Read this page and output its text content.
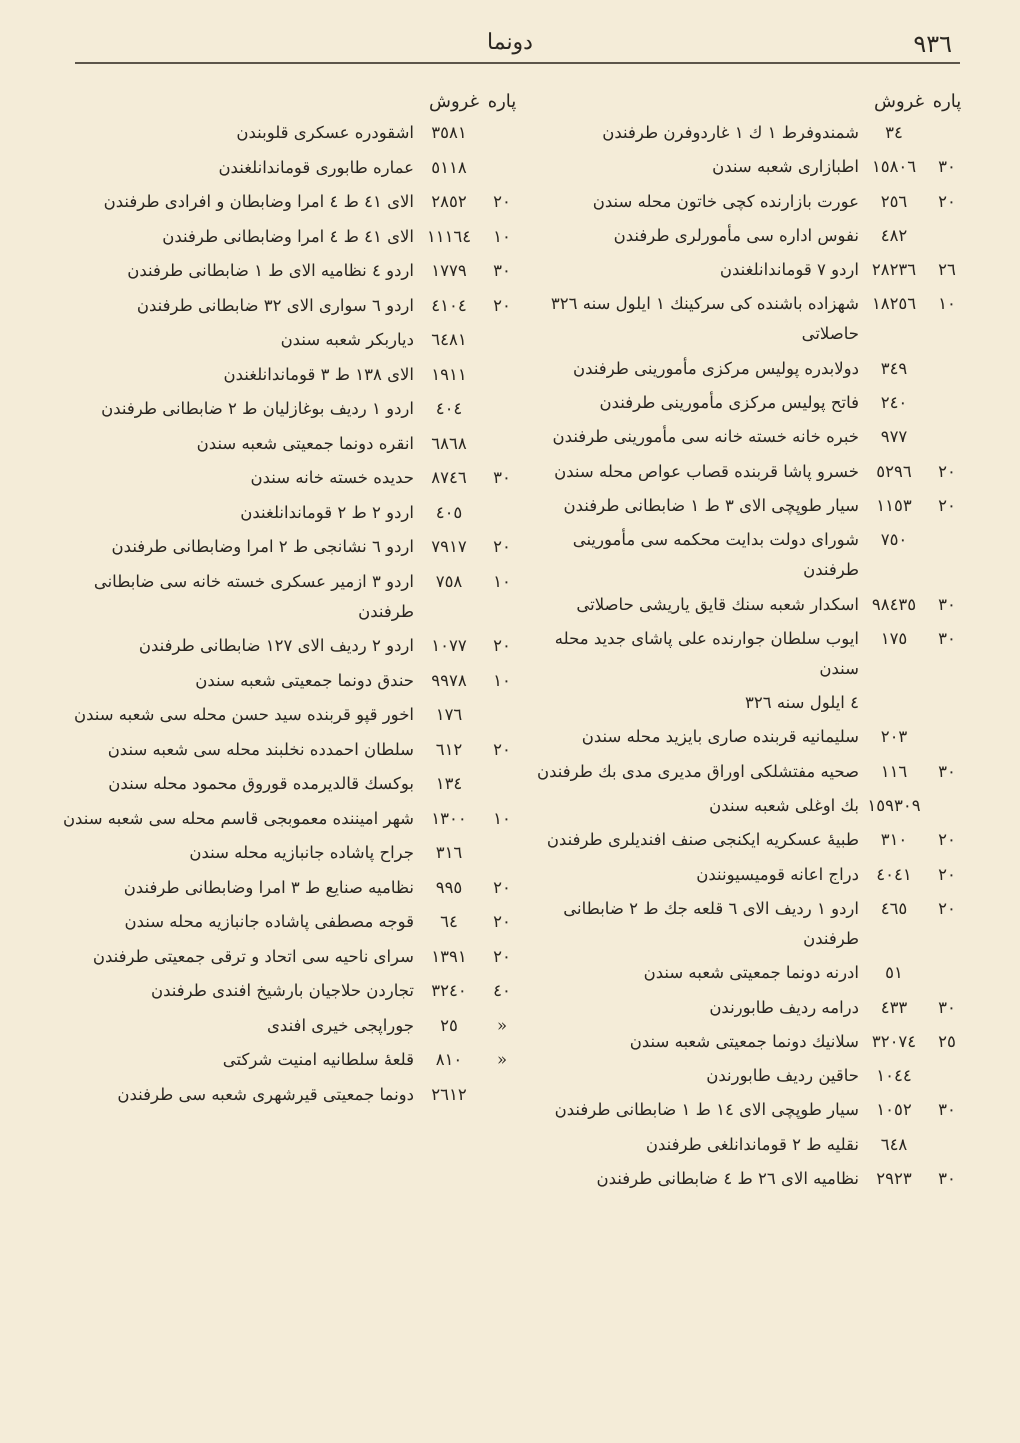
٩٣٦
دونما
پاره
غروش
٣٤
شمندوفرط ۱ ك ۱ غاردوفرن طرفندن
٣٠
١٥٨٠٦
اطبازاری شعبه سندن
٢٠
٢٥٦
عورت بازارنده کچی خاتون محله سندن
٤٨٢
نفوس اداره سی مأمورلری طرفندن
٢٦
٢٨٢٣٦
اردو ۷ قوماندانلغندن
١٠
١٨٢٥٦
شهزاده باشنده کی سرکینك ۱ ایلول سنه ۳۲٦ حاصلاتی
٣٤٩
دولابدره پولیس مرکزی مأمورینی طرفندن
٢٤٠
فاتح پولیس مرکزی مأمورینی طرفندن
٩٧٧
خبره خانه خسته خانه سی مأمورینی طرفندن
٢٠
٥٢٩٦
خسرو پاشا قربنده قصاب عواص محله سندن
٢٠
١١٥٣
سیار طوپچی الای ۳ ط ۱ ضابطانی طرفندن
٧٥٠
شورای دولت بدایت محکمه سی مأمورینی طرفندن
٣٠
٩٨٤٣٥
اسکدار شعبه سنك قایق یاریشی حاصلاتی
٣٠
١٧٥
ایوب سلطان جوارنده علی پاشای جدید محله سندن
٤ ایلول سنه ٣٢٦
٢٠٣
سلیمانیه قربنده صاری بایزید محله سندن
٣٠
١١٦
صحیه مفتشلکی اوراق مدیری مدی بك طرفندن
١٥٩٣٠٩
بك اوغلی شعبه سندن
٢٠
٣١٠
طبیهٔ عسکریه ایکنجی صنف افندیلری طرفندن
٢٠
٤٠٤١
دراج اعانه قومیسیونندن
٢٠
٤٦٥
اردو ۱ ردیف الای ٦ قلعه جك ط ۲ ضابطانی طرفندن
٥١
ادرنه دونما جمعیتی شعبه سندن
٣٠
٤٣٣
درامه ردیف طابورندن
٢٥
٣٢٠٧٤
سلانیك دونما جمعیتی شعبه سندن
١٠٤٤
حاقین ردیف طابورندن
٣٠
١٠٥٢
سیار طوپچی الای ١٤ ط ۱ ضابطانی طرفندن
٦٤٨
نقلیه ط ۲ قوماندانلغی طرفندن
٣٠
٢٩٢٣
نظامیه الای ٢٦ ط ٤ ضابطانی طرفندن
پاره
غروش
٣٥٨١
اشقودره عسکری قلوبندن
٥١١٨
عماره طابوری قوماندانلغندن
٢٠
٢٨٥٢
الای ٤١ ط ٤ امرا وضابطان و افرادی طرفندن
١٠
١١١٦٤
الای ٤١ ط ٤ امرا وضابطانی طرفندن
٣٠
١٧٧٩
اردو ٤ نظامیه الای ط ۱ ضابطانی طرفندن
٢٠
٤١٠٤
اردو ٦ سواری الای ٣٢ ضابطانی طرفندن
٦٤٨١
دیاربکر شعبه سندن
١٩١١
الای ١٣٨ ط ٣ قوماندانلغندن
٤٠٤
اردو ۱ ردیف بوغازلیان ط ۲ ضابطانی طرفندن
٦٨٦٨
انقره دونما جمعیتی شعبه سندن
٣٠
٨٧٤٦
حدیده خسته خانه سندن
٤٠٥
اردو ۲ ط ۲ قوماندانلغندن
٢٠
٧٩١٧
اردو ٦ نشانجی ط ۲ امرا وضابطانی طرفندن
١٠
٧٥٨
اردو ۳ ازمیر عسکری خسته خانه سی ضابطانی طرفندن
٢٠
١٠٧٧
اردو ۲ ردیف الای ١٢٧ ضابطانی طرفندن
١٠
٩٩٧٨
حندق دونما جمعیتی شعبه سندن
١٧٦
اخور قپو قربنده سید حسن محله سی شعبه سندن
٢٠
٦١٢
سلطان احمدده نخلبند محله سی شعبه سندن
١٣٤
بوکسك قالدیرمده قوروق محمود محله سندن
١٠
١٣٠٠
شهر امیننده معموبجی قاسم محله سی شعبه سندن
٣١٦
جراح پاشاده جانبازیه محله سندن
٢٠
٩٩٥
نظامیه صنایع ط ۳ امرا وضابطانی طرفندن
٢٠
٦٤
قوجه مصطفی پاشاده جانبازیه محله سندن
٢٠
١٣٩١
سرای ناحیه سی اتحاد و ترقی جمعیتی طرفندن
٤٠
٣٢٤٠
تجاردن حلاجیان بارشیخ افندی طرفندن
«
٢٥
جوراپجی خیری افندی
«
٨١٠
قلعهٔ سلطانیه امنیت شرکتی
٢٦١٢
دونما جمعیتی قیرشهری شعبه سی طرفندن
